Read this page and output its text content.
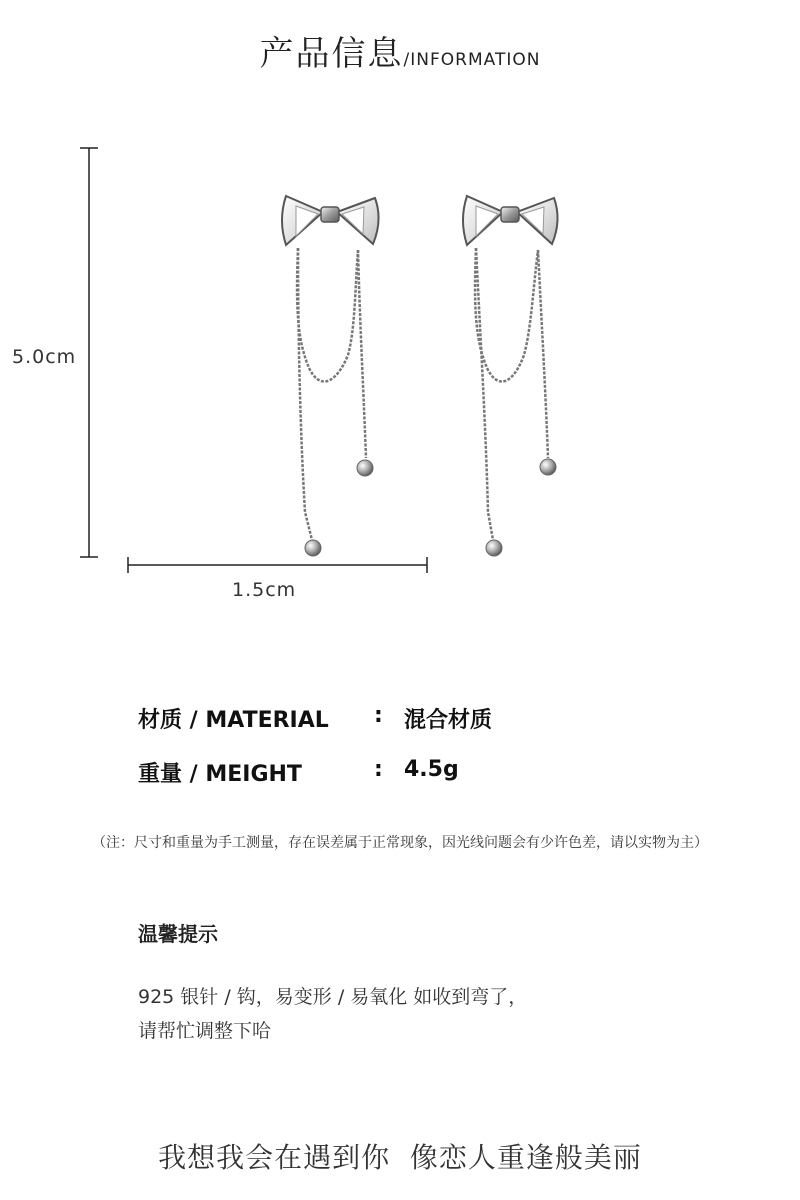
产品信息/INFORMATION
5.0cm
1.5cm
材质 / MATERIAL : 混合材质
重量 / MEIGHT	: 4.5g
（注：尺寸和重量为手工测量，存在误差属于正常现象，因光线问题会有少许色差，请以实物为主）
温馨提示
925 银针 / 钩，易变形 / 易氧化 如收到弯了，
请帮忙调整下哈
我想我会在遇到你  像恋人重逢般美丽
